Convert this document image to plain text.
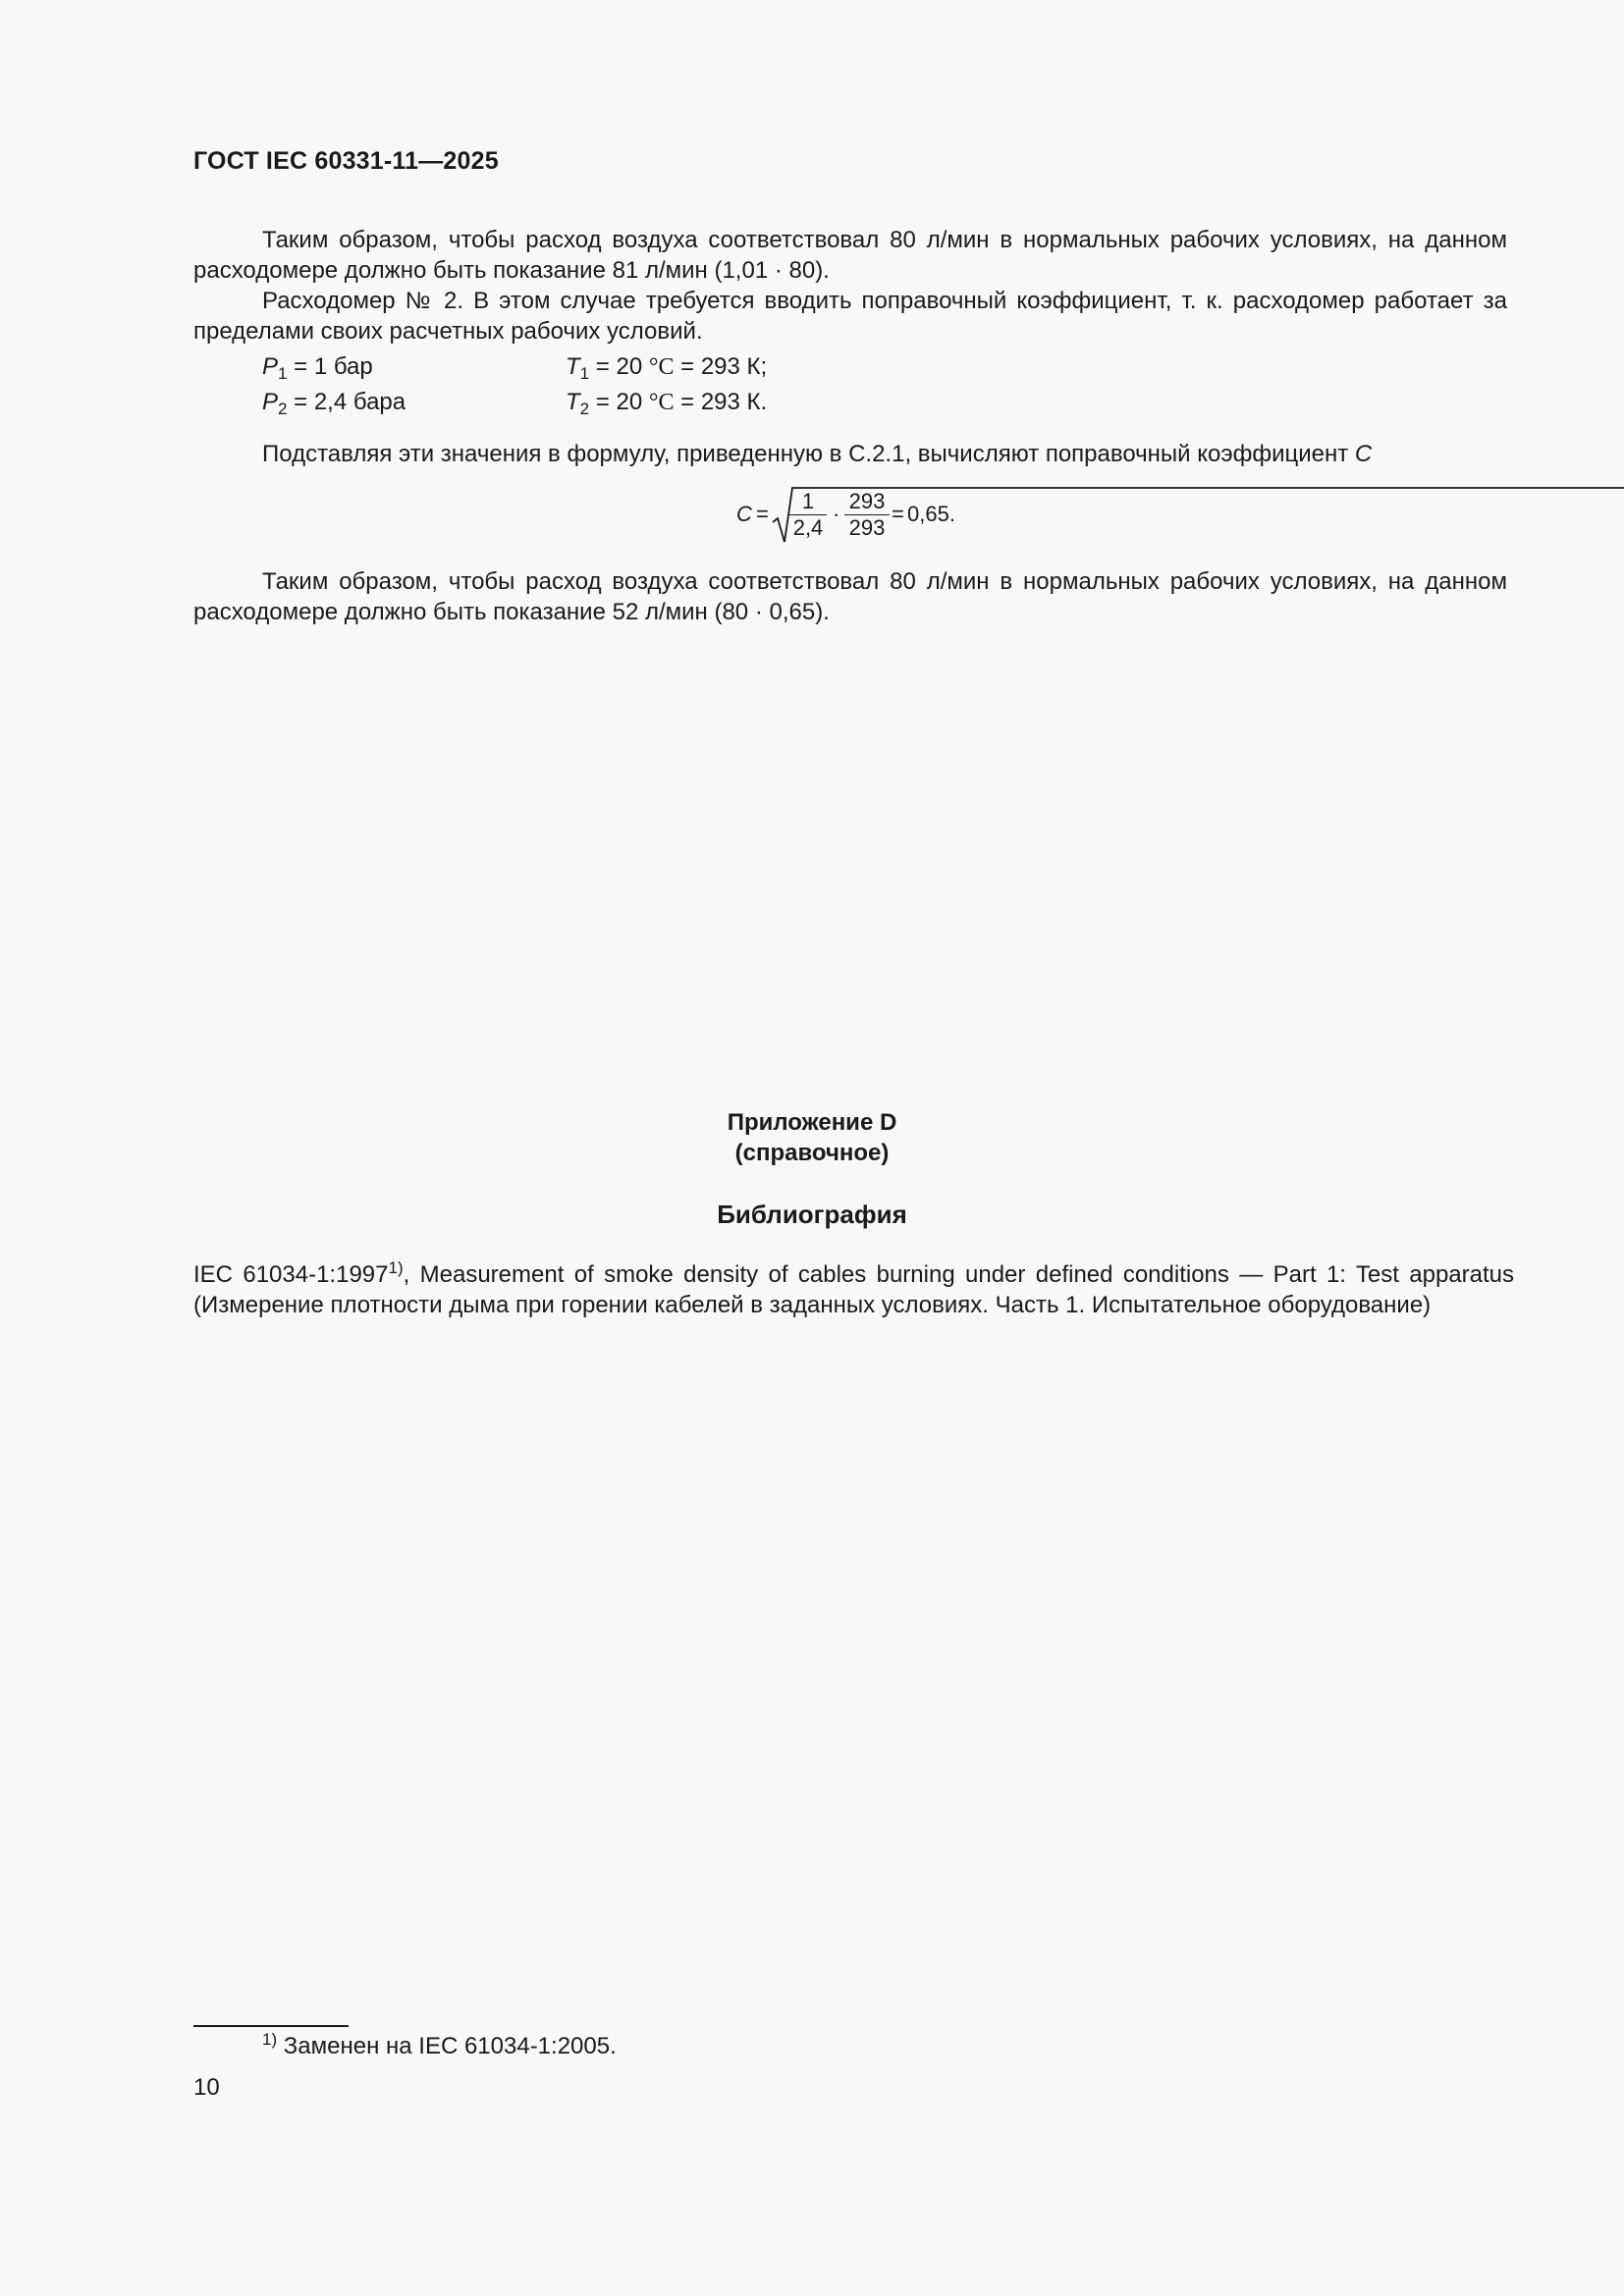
ГОСТ IEC 60331-11—2025
Таким образом, чтобы расход воздуха соответствовал 80 л/мин в нормальных рабочих условиях, на данном расходомере должно быть показание 81 л/мин (1,01 · 80).
Расходомер № 2. В этом случае требуется вводить поправочный коэффициент, т. к. расходомер работает за пределами своих расчетных рабочих условий.
$P_1 = 1$ бар	$T_1 = 20$ °C = 293 К;
$P_2 = 2,4$ бара	$T_2 = 20$ °C = 293 К.
Подставляя эти значения в формулу, приведенную в С.2.1, вычисляют поправочный коэффициент C
C =
1
2,4
·
293
293
= 0,65.
Таким образом, чтобы расход воздуха соответствовал 80 л/мин в нормальных рабочих условиях, на данном расходомере должно быть показание 52 л/мин (80 · 0,65).
Приложение D
(справочное)
Библиография
IEC 61034-1:1997$^{1)}$, Measurement of smoke density of cables burning under defined conditions — Part 1: Test apparatus (Измерение плотности дыма при горении кабелей в заданных условиях. Часть 1. Испытательное оборудование)
$^{1)}$ Заменен на IEC 61034-1:2005.
10
